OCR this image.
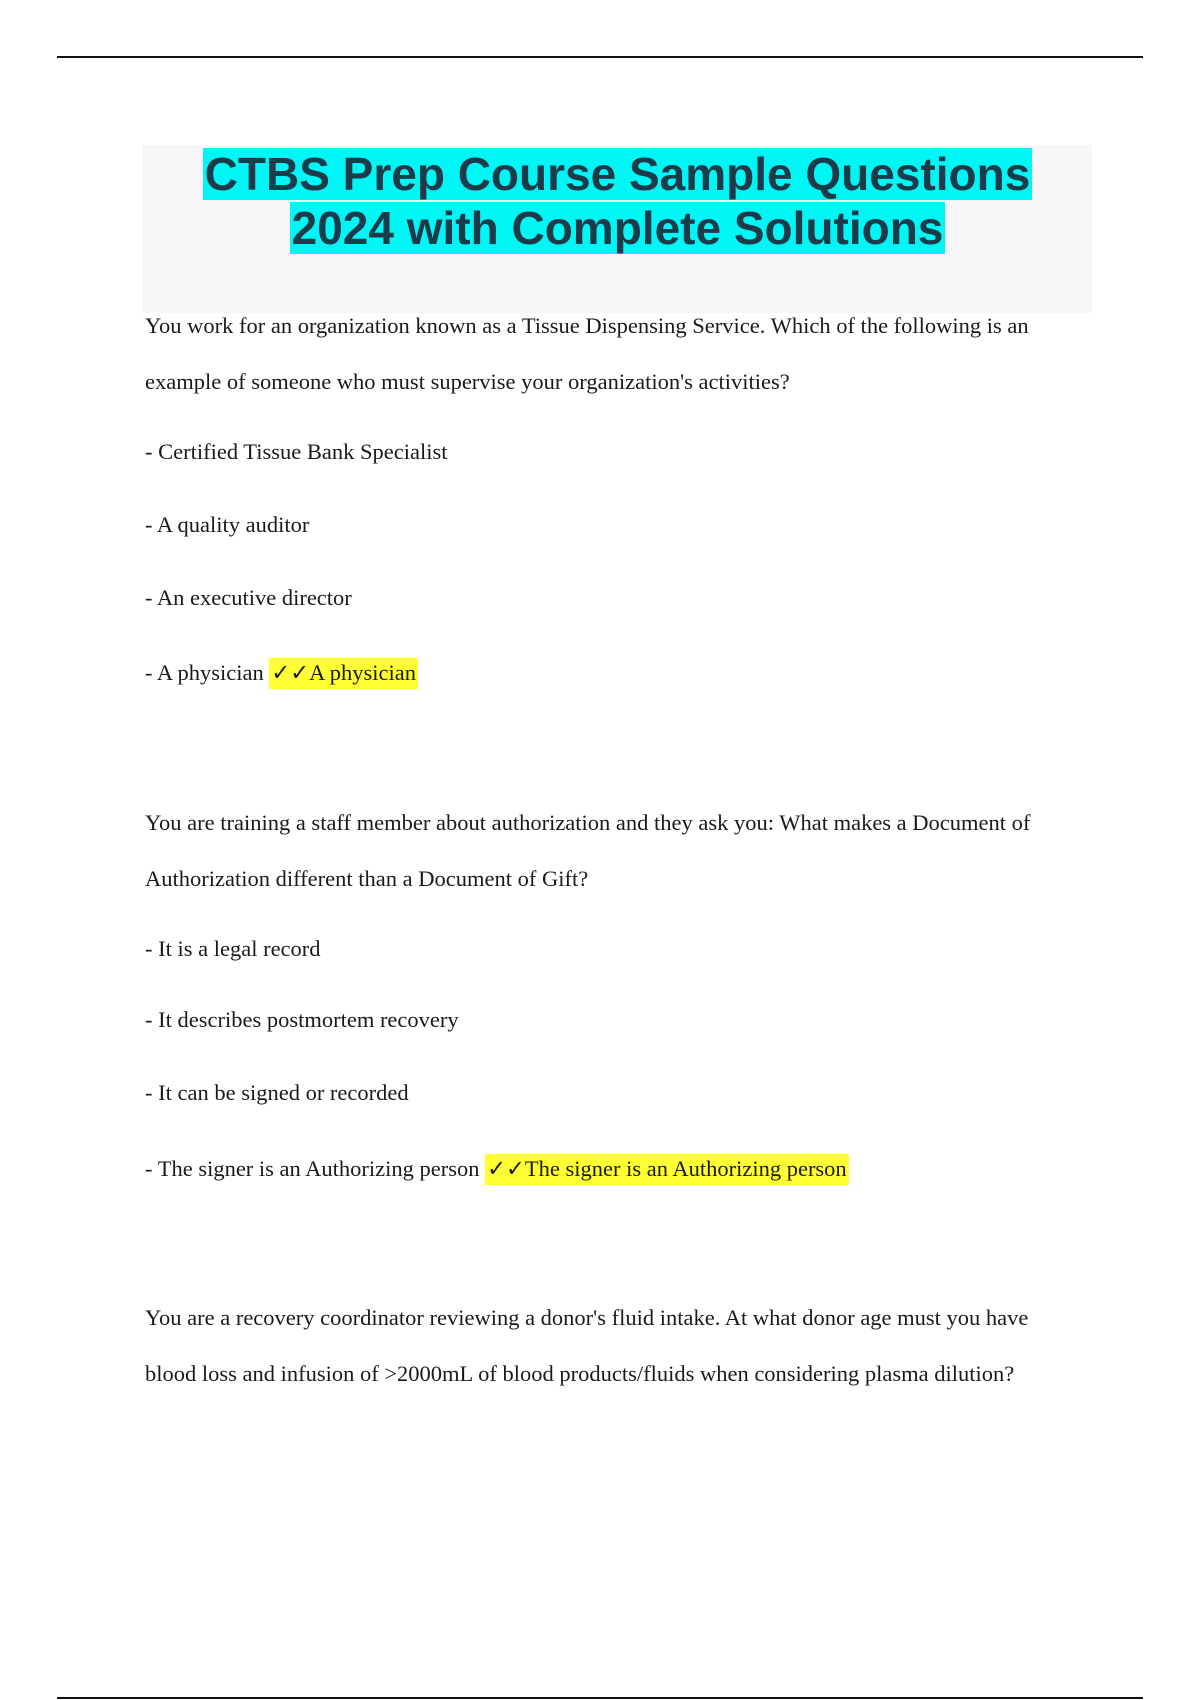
CTBS Prep Course Sample Questions
2024 with Complete Solutions

You work for an organization known as a Tissue Dispensing Service. Which of the following is an example of someone who must supervise your organization's activities?

- Certified Tissue Bank Specialist

- A quality auditor

- An executive director

- A physician ✓✓A physician

You are training a staff member about authorization and they ask you: What makes a Document of Authorization different than a Document of Gift?

- It is a legal record

- It describes postmortem recovery

- It can be signed or recorded

- The signer is an Authorizing person ✓✓The signer is an Authorizing person

You are a recovery coordinator reviewing a donor's fluid intake. At what donor age must you have blood loss and infusion of >2000mL of blood products/fluids when considering plasma dilution?
